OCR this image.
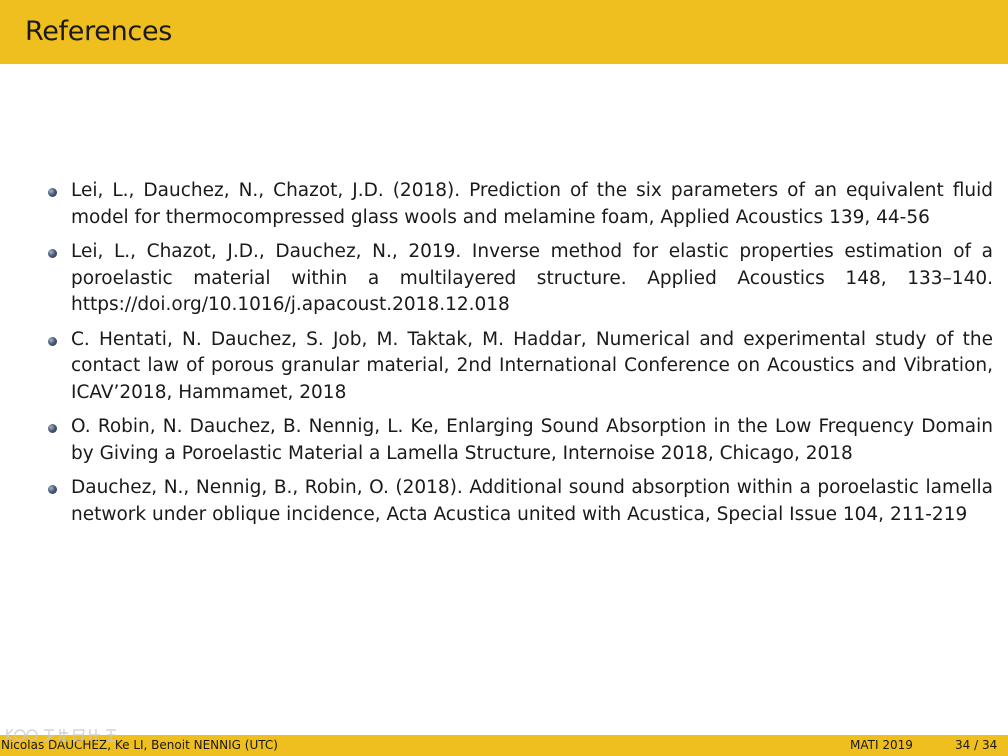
References
Lei, L., Dauchez, N., Chazot, J.D. (2018). Prediction of the six parameters of an equivalent fluid model for thermocompressed glass wools and melamine foam, Applied Acoustics 139, 44-56
Lei, L., Chazot, J.D., Dauchez, N., 2019. Inverse method for elastic properties estimation of a poroelastic material within a multilayered structure. Applied Acoustics 148, 133–140. https://doi.org/10.1016/j.apacoust.2018.12.018
C. Hentati, N. Dauchez, S. Job, M. Taktak, M. Haddar, Numerical and experimental study of the contact law of porous granular material, 2nd International Conference on Acoustics and Vibration, ICAV’2018, Hammamet, 2018
O. Robin, N. Dauchez, B. Nennig, L. Ke, Enlarging Sound Absorption in the Low Frequency Domain by Giving a Poroelastic Material a Lamella Structure, Internoise 2018, Chicago, 2018
Dauchez, N., Nennig, B., Robin, O. (2018). Additional sound absorption within a poroelastic lamella network under oblique incidence, Acta Acustica united with Acustica, Special Issue 104, 211-219
Nicolas DAUCHEZ, Ke LI, Benoit NENNIG (UTC)	MATI 2019	34 / 34
